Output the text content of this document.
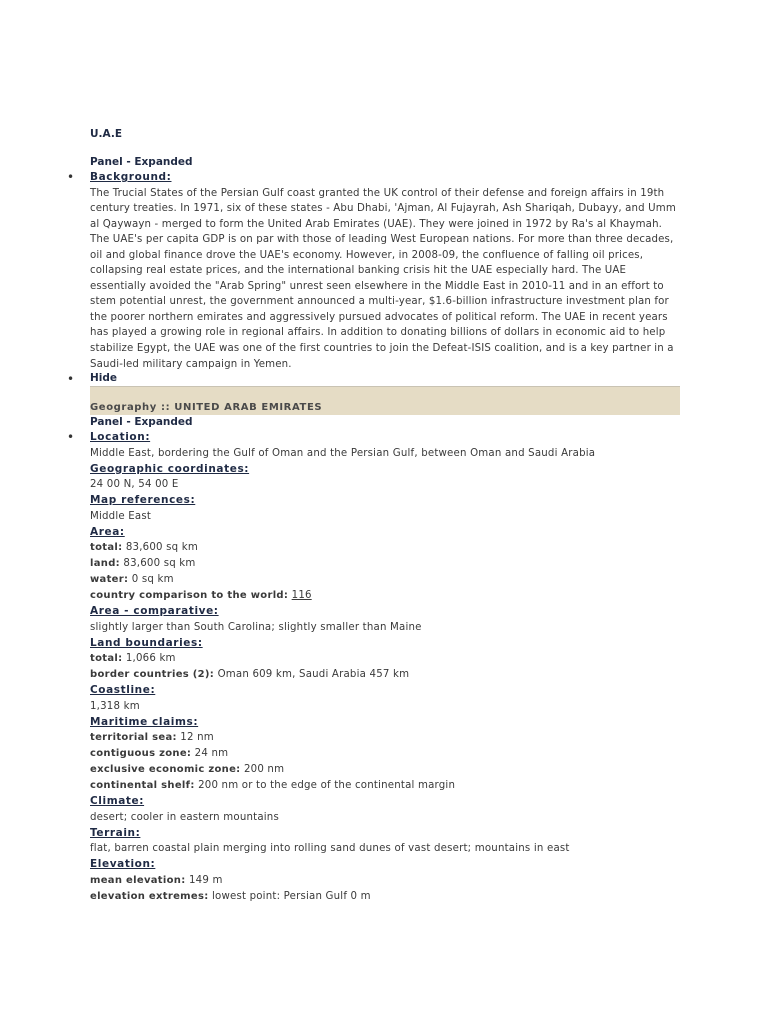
U.A.E
Panel - Expanded
• Background:
The Trucial States of the Persian Gulf coast granted the UK control of their defense and foreign affairs in 19th century treaties. In 1971, six of these states - Abu Dhabi, 'Ajman, Al Fujayrah, Ash Shariqah, Dubayy, and Umm al Qaywayn - merged to form the United Arab Emirates (UAE). They were joined in 1972 by Ra's al Khaymah. The UAE's per capita GDP is on par with those of leading West European nations. For more than three decades, oil and global finance drove the UAE's economy. However, in 2008-09, the confluence of falling oil prices, collapsing real estate prices, and the international banking crisis hit the UAE especially hard. The UAE essentially avoided the "Arab Spring" unrest seen elsewhere in the Middle East in 2010-11 and in an effort to stem potential unrest, the government announced a multi-year, $1.6-billion infrastructure investment plan for the poorer northern emirates and aggressively pursued advocates of political reform. The UAE in recent years has played a growing role in regional affairs. In addition to donating billions of dollars in economic aid to help stabilize Egypt, the UAE was one of the first countries to join the Defeat-ISIS coalition, and is a key partner in a Saudi-led military campaign in Yemen.
• Hide
Geography :: UNITED ARAB EMIRATES
Panel - Expanded
• Location:
Middle East, bordering the Gulf of Oman and the Persian Gulf, between Oman and Saudi Arabia
Geographic coordinates:
24 00 N, 54 00 E
Map references:
Middle East
Area:
total: 83,600 sq km
land: 83,600 sq km
water: 0 sq km
country comparison to the world: 116
Area - comparative:
slightly larger than South Carolina; slightly smaller than Maine
Land boundaries:
total: 1,066 km
border countries (2): Oman 609 km, Saudi Arabia 457 km
Coastline:
1,318 km
Maritime claims:
territorial sea: 12 nm
contiguous zone: 24 nm
exclusive economic zone: 200 nm
continental shelf: 200 nm or to the edge of the continental margin
Climate:
desert; cooler in eastern mountains
Terrain:
flat, barren coastal plain merging into rolling sand dunes of vast desert; mountains in east
Elevation:
mean elevation: 149 m
elevation extremes: lowest point: Persian Gulf 0 m
